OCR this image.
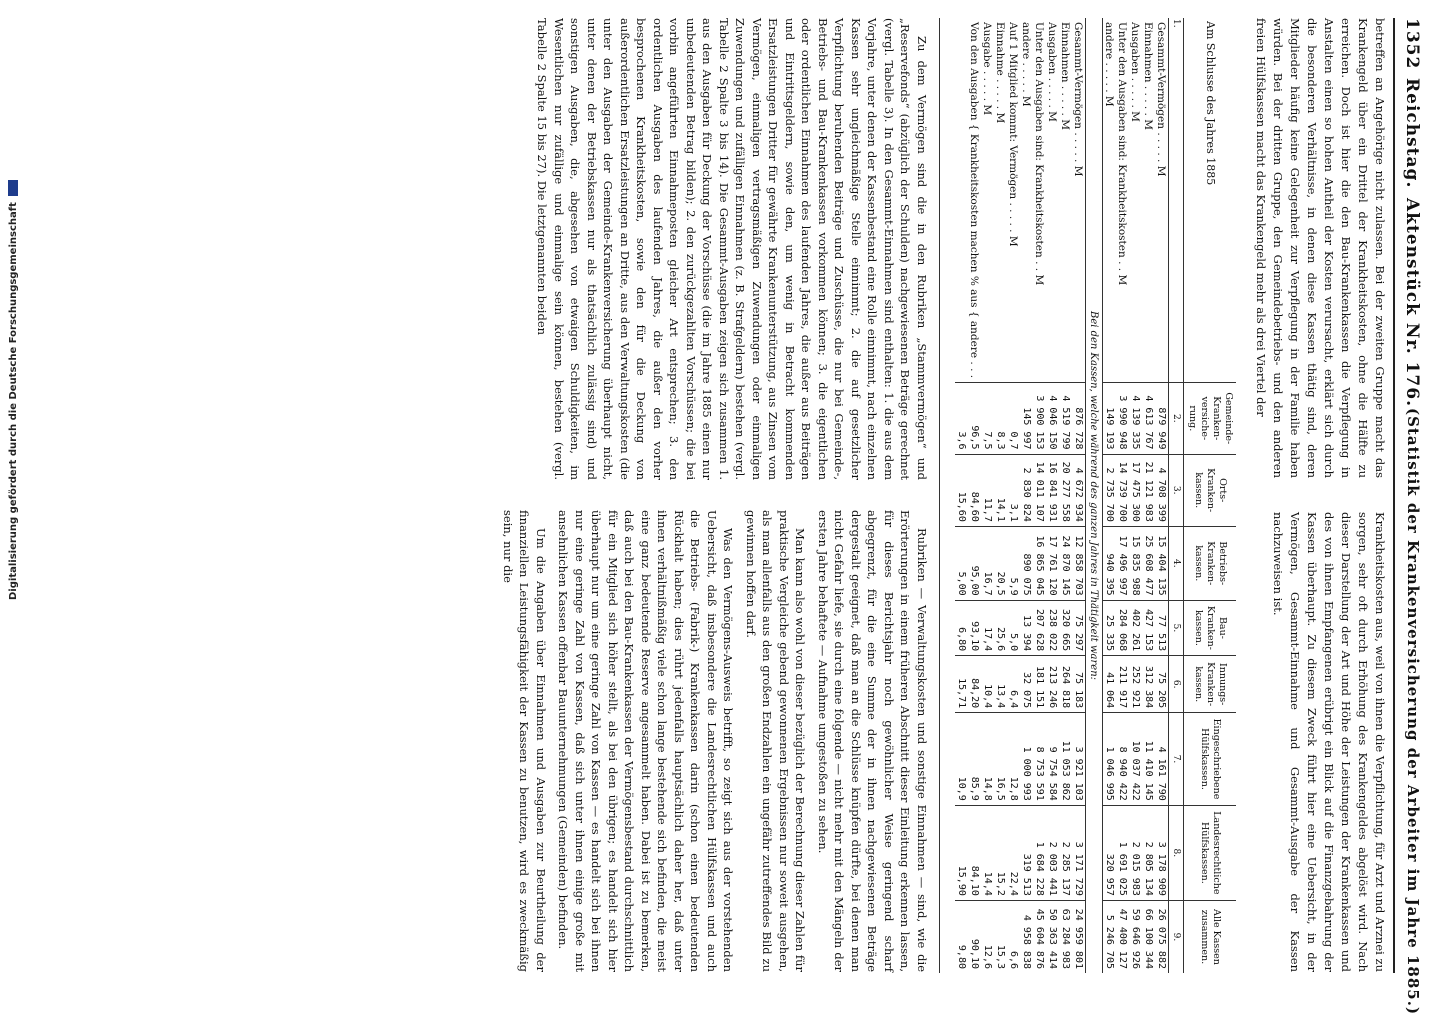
1352
Reichstag.
Aktenstück Nr. 176.
(Statistik der Krankenversicherung der Arbeiter im Jahre 1885.)
betreffen an Angehörige nicht zulassen. Bei der zweiten Gruppe macht das Krankengeld über ein Drittel der Krankheitskosten, ohne die Hälfte zu erreichen. Doch ist hier die den Bau-Krankenkassen die Verpflegung in Anstalten einen so hohen Antheil der Kosten verursacht, erklärt sich durch die besonderen Verhältnisse, in denen diese Kassen thätig sind, deren Mitglieder häufig keine Gelegenheit zur Verpflegung in der Familie haben würden. Bei der dritten Gruppe, den Gemeindebetriebs- und den anderen freien Hülfskassen macht das Krankengeld mehr als drei Viertel der
Krankheitskosten aus, weil von ihnen die Verpflichtung, für Arzt und Arznei zu sorgen, sehr oft durch Erhöhung des Krankengeldes abgelöst wird. Nach dieser Darstellung der Art und Höhe der Leistungen der Krankenkassen und des von ihnen Empfangenen erübrigt ein Blick auf die Finanzgebahrung der Kassen überhaupt. Zu diesem Zweck führt hier eine Uebersicht, in der Vermögen, Gesammt-Einnahme und Gesammt-Ausgabe der Kassen nachzuweisen ist.
Am Schlusse des Jahres 1885	Gemeinde-Kranken-versiche-rung.	Orts-Kranken-kassen.	Betriebs-Kranken-kassen.	Bau-Kranken-kassen.	Innungs-Kranken-kassen.	Eingeschriebene Hülfskassen.	Landesrechtliche Hülfskassen.	Alle Kassen zusammen.
1.	2.	3.	4.	5.	6.	7.	8.	9.
Gesammt-Vermögen . . . . . M	879 949	4 708 399	15 404 135	77 513	75 205	4 161 790	3 178 909	26 075 882
Einnahmen . . . . . M	4 613 767	21 121 983	25 608 477	427 153	312 384	11 410 145	2 805 134	66 100 344
Ausgaben . . . . . M	4 139 335	17 475 300	15 835 988	402 261	252 921	10 037 422	2 015 983	59 646 926
Unter den Ausgaben sind: Krankheitskosten . . M	3 990 948	14 739 700	17 496 997	284 068	211 917	8 940 422	1 691 025	47 400 127
andere . . . . . M	149 193	2 735 700	940 395	25 335	41 064	1 046 995	320 957	5 246 705
Bei den Kassen, welche während des ganzen Jahres in Thätigkeit waren:								
Gesammt-Vermögen . . . . . M	876 728	4 672 934	12 858 703	75 297	75 183	3 921 103	3 171 729	24 959 801
Einnahmen . . . . . M	4 519 799	20 277 558	24 870 145	320 665	264 818	11 053 862	2 285 137	63 284 983
Ausgaben . . . . . M	4 046 150	16 841 931	17 761 120	238 022	213 246	9 754 584	2 003 441	50 363 414
Unter den Ausgaben sind: Krankheitskosten . . M	3 900 153	14 011 107	16 865 045	207 628	181 151	8 753 591	1 684 228	45 604 876
andere . . . . . M	145 997	2 830 824	890 075	13 394	32 075	1 000 993	319 513	4 958 838
Auf 1 Mitglied kommt: Vermögen . . . . . M	0,7	3,1	5,9	5,0	6,4	12,8	22,4	6,6
Einnahme . . . . . M	8,3	14,1	20,5	25,6	13,4	16,5	15,2	15,3
Ausgabe . . . . . M	7,5	11,7	16,7	17,4	10,4	14,8	14,4	12,6
Von den Ausgaben { Krankheitskosten machen % aus { andere . . .	96,5	84,60	95,00	93,10	84,20	85,9	84,10	90,10
	3,6	15,60	5,00	6,80	15,71	10,9	15,90	9,80

Zu dem Vermögen sind die in den Rubriken „Stammvermögen“ und „Reservefonds“ (abzüglich der Schulden) nachgewiesenen Beträge gerechnet (vergl. Tabelle 3). In den Gesammt-Einnahmen sind enthalten: 1. die aus dem Vorjahre, unter denen der Kassenbestand eine Rolle einnimmt, nach einzelnen Kassen sehr ungleichmäßige Stelle einnimmt; 2. die auf gesetzlicher Verpflichtung beruhenden Beiträge und Zuschüsse, die nur bei Gemeinde-, Betriebs- und Bau-Krankenkassen vorkommen können; 3. die eigentlichen oder ordentlichen Einnahmen des laufenden Jahres, die außer aus Beiträgen und Eintrittsgeldern, sowie den, um wenig in Betracht kommenden Ersatzleistungen Dritter für gewährte Krankenunterstützung, aus Zinsen vom Vermögen, einmaligen vertragsmäßigen Zuwendungen oder einmaligen Zuwendungen und zufälligen Einnahmen (z. B. Strafgeldern) bestehen (vergl. Tabelle 2 Spalte 3 bis 14). Die Gesammt-Ausgaben zeigen sich zusammen 1. aus den Ausgaben für Deckung der Vorschüsse (die im Jahre 1885 einen nur unbedeutenden Betrag bilden); 2. den zurückgezahlten Vorschüssen; die bei vorbin angeführten Einnahmeposten gleicher Art entsprechen; 3. den ordentlichen Ausgaben des laufenden Jahres, die außer den vorher besprochenen Krankheitskosten, sowie den für die Deckung von außerordentlichen Ersatzleistungen an Dritte, aus den Verwaltungskosten (die unter den Ausgaben der Gemeinde-Krankenversicherung überhaupt nicht, unter denen der Betriebskassen nur als thatsächlich zulässig sind) und sonstigen Ausgaben, die, abgesehen von etwaigen Schuldigkeiten, im Wesentlichen nur zufällige und einmalige sein können, bestehen (vergl. Tabelle 2 Spalte 15 bis 27). Die letztgenannten beiden

Rubriken — Verwaltungskosten und sonstige Einnahmen — sind, wie die Erörterungen in einem früheren Abschnitt dieser Einleitung erkennen lassen, für dieses Berichtsjahr noch gewöhnlicher Weise geringend scharf abgegrenzt, für die eine Summe der in ihnen nachgewiesenen Beträge dergestalt geeignet, daß man an die Schlüsse knüpfen dürfte, bei denen man nicht Gefahr liefe, sie durch eine folgende — nicht mehr mit den Mängeln der ersten Jahre behaftete — Aufnahme umgestoßen zu sehen.

Man kann also wohl von dieser bezüglich der Berechnung dieser Zahlen für praktische Vergleiche gebend gewonnenen Ergebnissen nur soweit ausgehen, als man allenfalls aus den großen Endzahlen ein ungefähr zutreffendes Bild zu gewinnen hoffen darf.

Was den Vermögens-Ausweis betrifft, so zeigt sich aus der vorstehenden Uebersicht, daß insbesondere die Landesrechtlichen Hülfskassen und auch die Betriebs- (Fabrik-) Krankenkassen darin (schon einen bedeutenden Rückhalt haben; dies rührt jedenfalls hauptsächlich daher her, daß unter ihnen verhältnißmäßig viele schon lange bestehende sich befinden, die meist eine ganz bedeutende Reserve angesammelt haben. Dabei ist zu bemerken, daß auch bei den Bau-Krankenkassen der Vermögensbestand durchschnittlich für ein Mitglied sich höher stellt, als bei den übrigen; es handelt sich hier überhaupt nur um eine geringe Zahl von Kassen — es handelt sich bei ihnen nur eine geringe Zahl von Kassen, daß sich unter ihnen einige große mit ansehnlichen Kassen offenbar Bauunternehmungen (Gemeinden) befinden.

Um die Angaben über Einnahmen und Ausgaben zur Beurtheilung der finanziellen Leistungsfähigkeit der Kassen zu benutzen, wird es zweckmäßig sein, nur die

Digitalisierung gefördert durch die Deutsche Forschungsgemeinschaft
